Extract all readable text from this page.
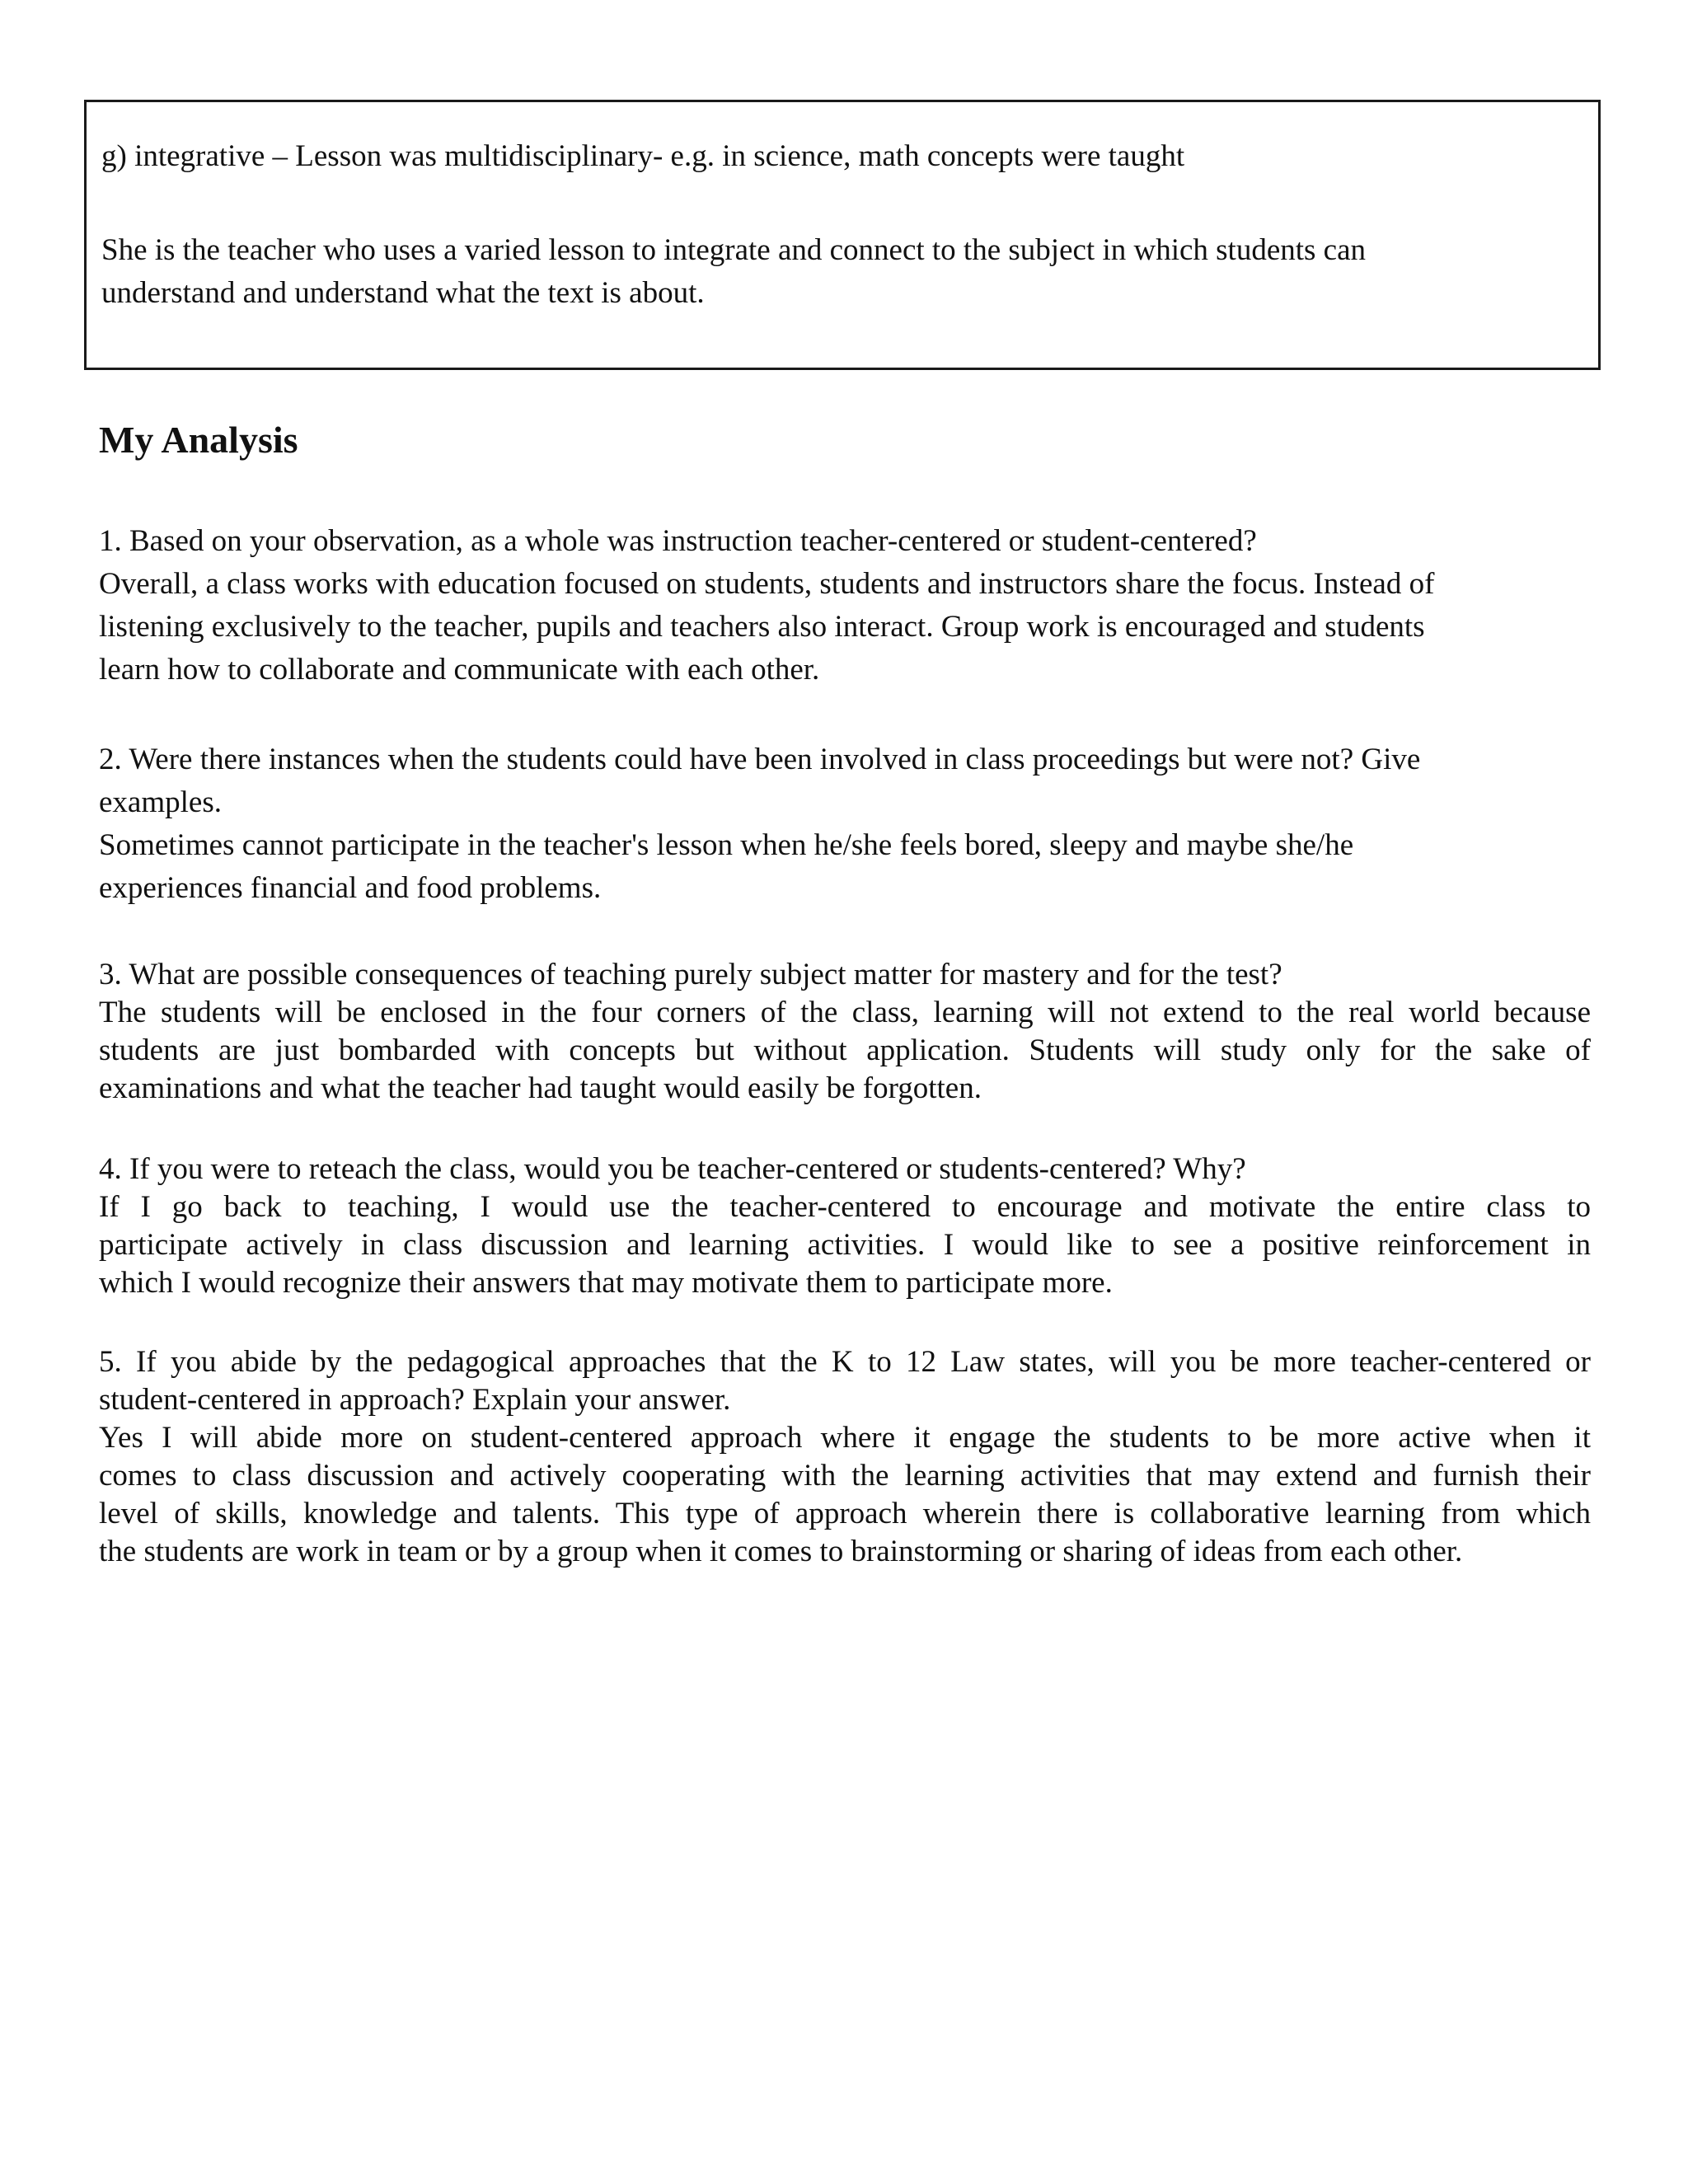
g) integrative – Lesson was multidisciplinary- e.g. in science, math concepts were taught
She is the teacher who uses a varied lesson to integrate and connect to the subject in which students can
understand and understand what the text is about.
My Analysis
1. Based on your observation, as a whole was instruction teacher-centered or student-centered?
Overall, a class works with education focused on students, students and instructors share the focus. Instead of
listening exclusively to the teacher, pupils and teachers also interact. Group work is encouraged and students
learn how to collaborate and communicate with each other.
2. Were there instances when the students could have been involved in class proceedings but were not? Give
examples.
Sometimes cannot participate in the teacher's lesson when he/she feels bored, sleepy and maybe she/he
experiences financial and food problems.
3. What are possible consequences of teaching purely subject matter for mastery and for the test?
The students will be enclosed in the four corners of the class, learning will not extend to the real world because
students are just bombarded with concepts but without application. Students will study only for the sake of
examinations and what the teacher had taught would easily be forgotten.
4. If you were to reteach the class, would you be teacher-centered or students-centered? Why?
If I go back to teaching, I would use the teacher-centered to encourage and motivate the entire class to
participate actively in class discussion and learning activities. I would like to see a positive reinforcement in
which I would recognize their answers that may motivate them to participate more.
5. If you abide by the pedagogical approaches that the K to 12 Law states, will you be more teacher-centered or
student-centered in approach? Explain your answer.
Yes I will abide more on student-centered approach where it engage the students to be more active when it
comes to class discussion and actively cooperating with the learning activities that may extend and furnish their
level of skills, knowledge and talents. This type of approach wherein there is collaborative learning from which
the students are work in team or by a group when it comes to brainstorming or sharing of ideas from each other.
